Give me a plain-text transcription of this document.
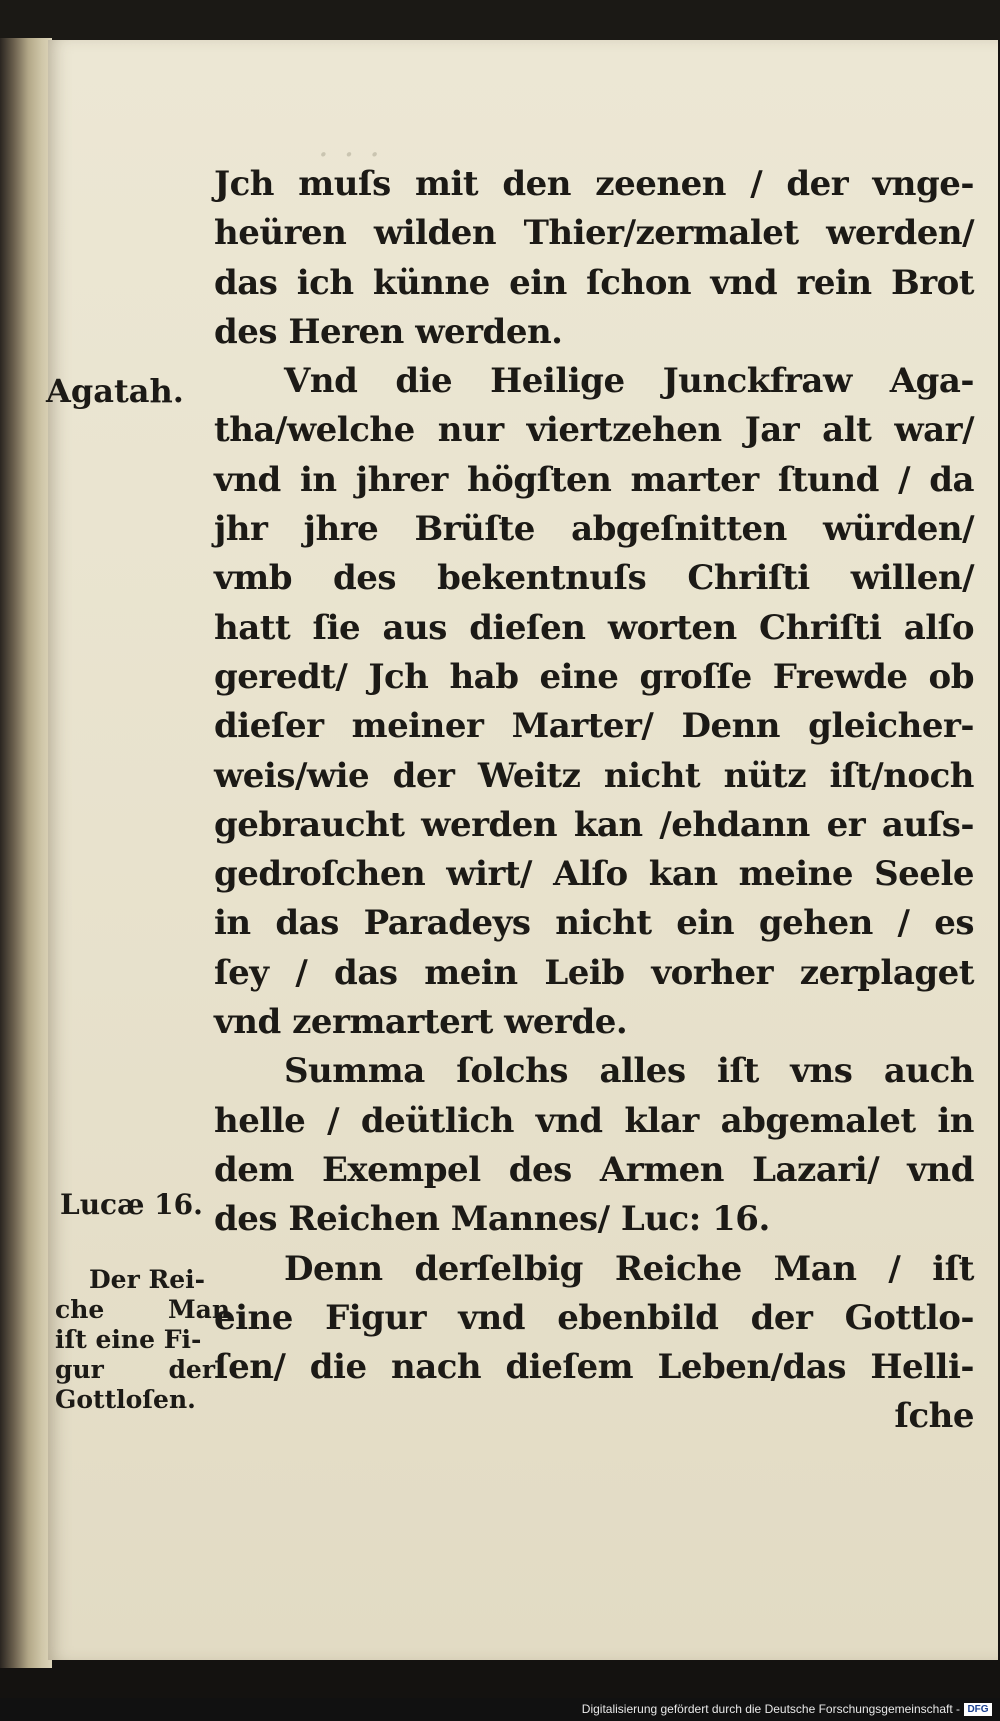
· · ·
Jch muſs mit den zeenen / der vnge-
heüren wilden Thier/zermalet werden/
das ich künne ein ſchon vnd rein Brot
des Heren werden.
Vnd die Heilige Junckfraw Aga-
tha/welche nur viertzehen Jar alt war/
vnd in jhrer högſten marter ſtund / da
jhr jhre Brüſte abgeſnitten würden/
vmb des bekentnuſs Chriſti willen/
hatt ſie aus dieſen worten Chriſti alſo
geredt/ Jch hab eine groſſe Frewde ob
dieſer meiner Marter/ Denn gleicher-
weis/wie der Weitz nicht nütz iſt/noch
gebraucht werden kan /ehdann er auſs-
gedroſchen wirt/ Alſo kan meine Seele
in das Paradeys nicht ein gehen / es
ſey / das mein Leib vorher zerplaget
vnd zermartert werde.
Summa ſolchs alles iſt vns auch
helle / deütlich vnd klar abgemalet in
dem Exempel des Armen Lazari/ vnd
des Reichen Mannes/ Luc: 16.
Denn derſelbig Reiche Man / iſt
eine Figur vnd ebenbild der Gottlo-
ſen/ die nach dieſem Leben/das Helli-
ſche
Agatah.
Lucæ 16.
Der Rei-
che Man
iſt eine Fi-
gur der
Gottloſen.
Digitalisierung gefördert durch die Deutsche Forschungsgemeinschaft - DFG
